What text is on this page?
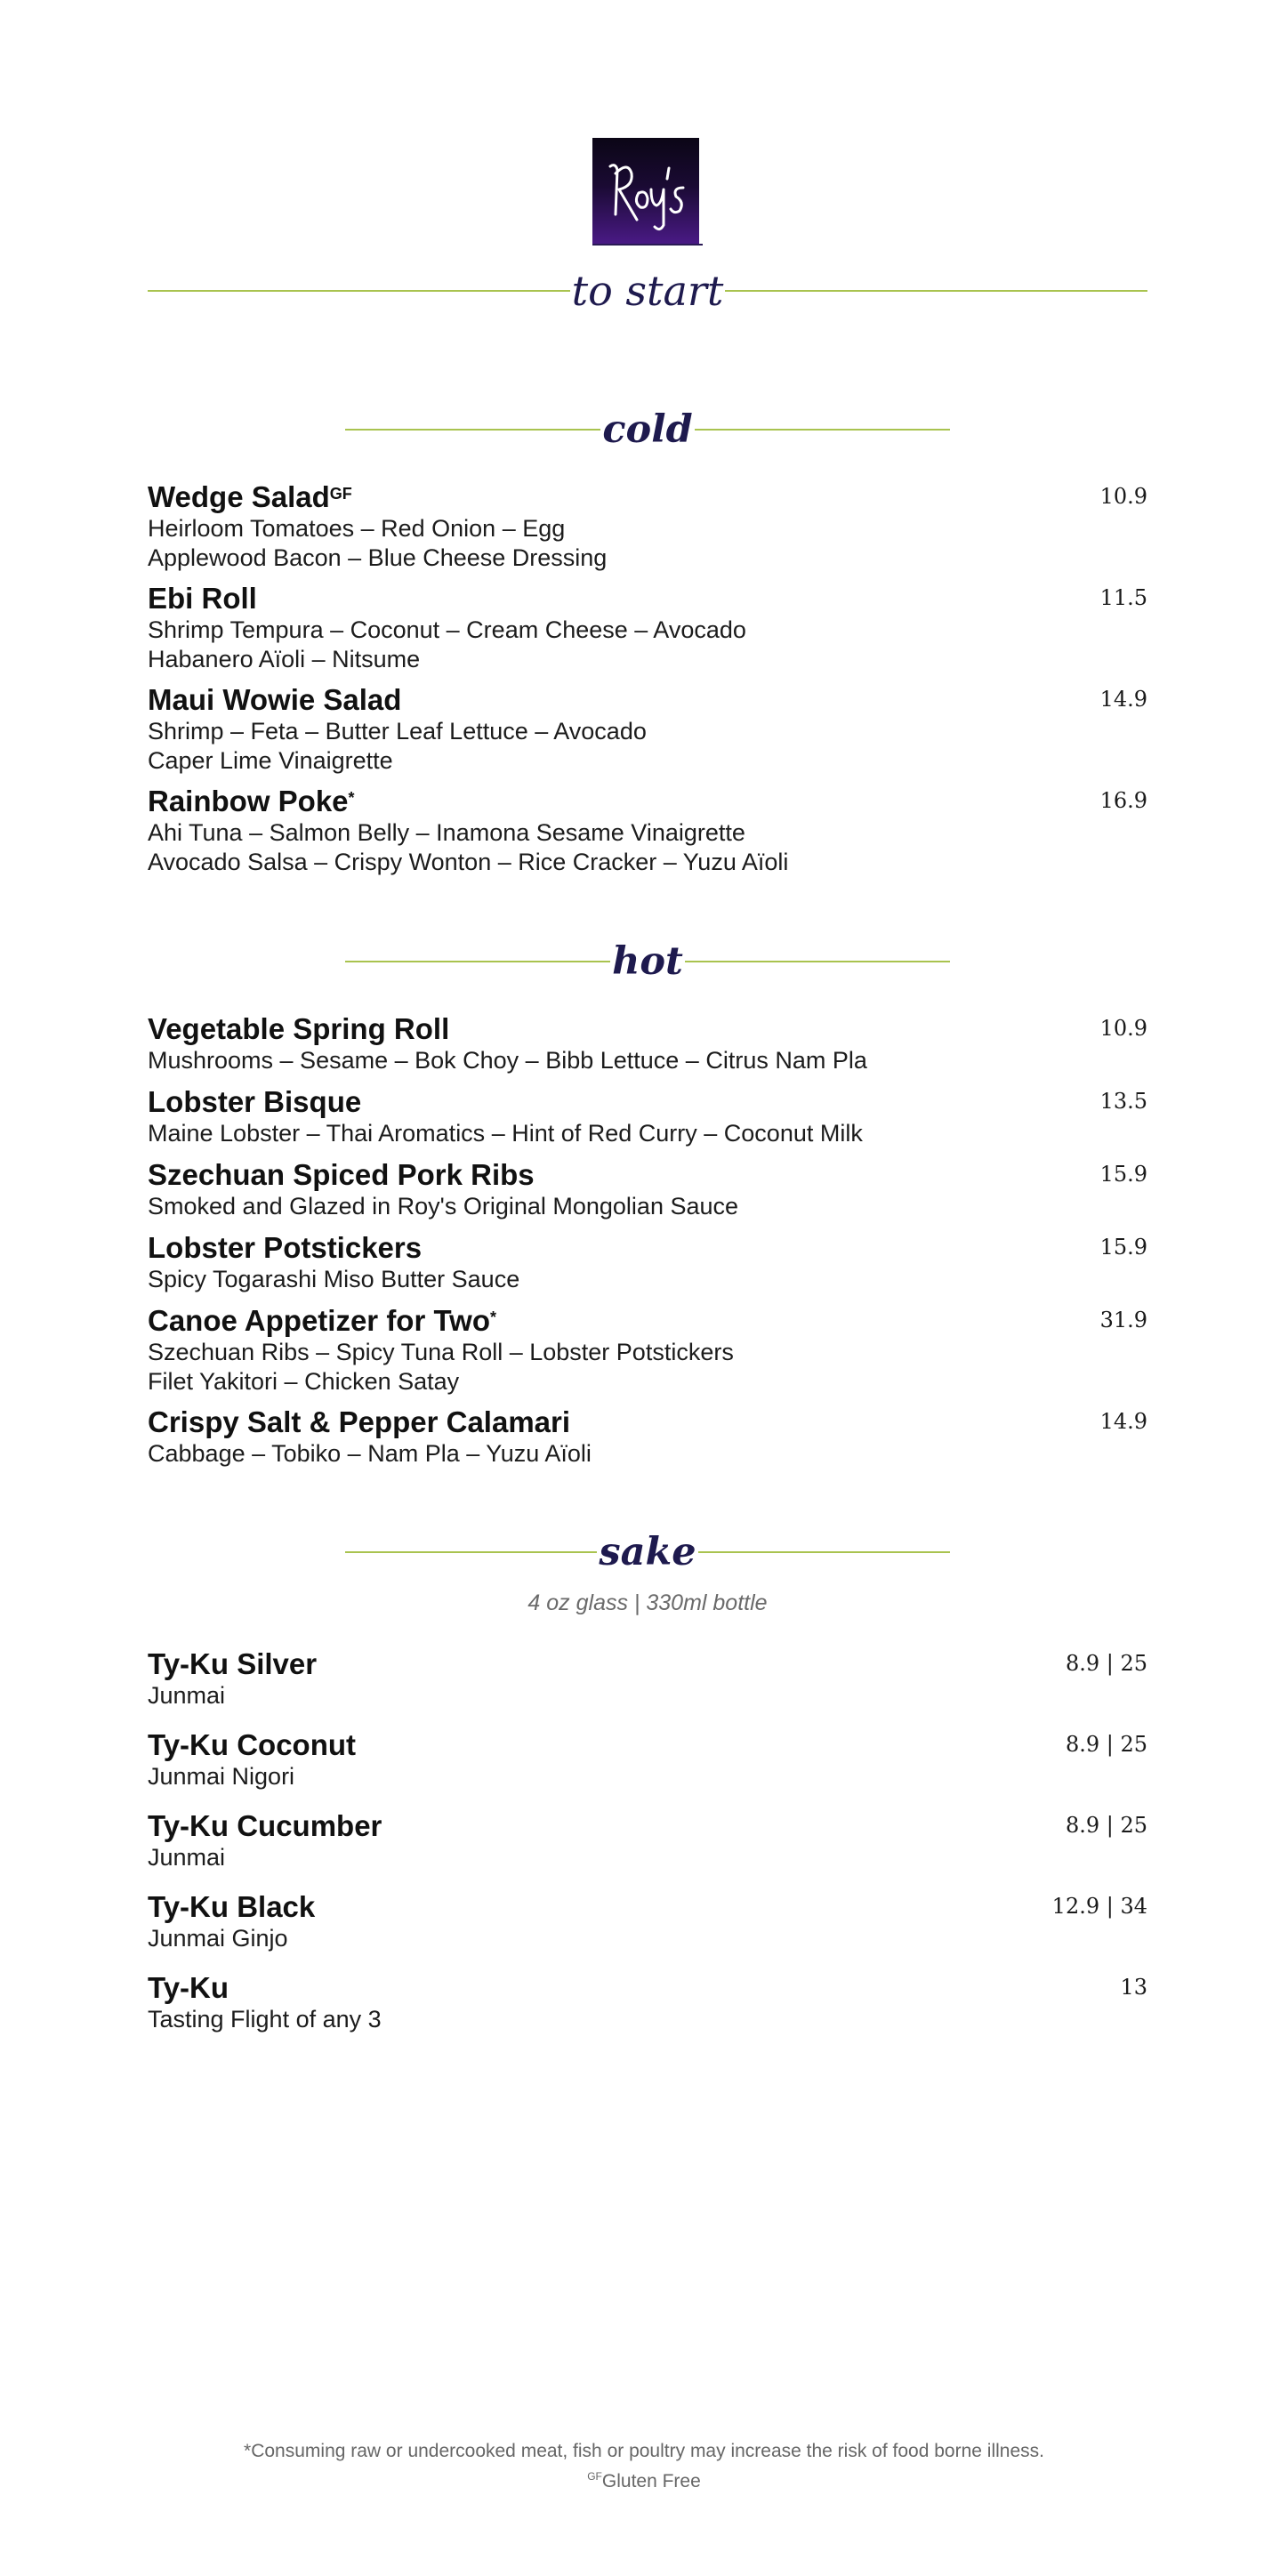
to start
cold
Wedge Salad$^{GF}$
Heirloom Tomatoes – Red Onion – Egg
Applewood Bacon – Blue Cheese Dressing
10.9
Ebi Roll
Shrimp Tempura – Coconut – Cream Cheese – Avocado
Habanero Aïoli – Nitsume
11.5
Maui Wowie Salad
Shrimp – Feta – Butter Leaf Lettuce – Avocado
Caper Lime Vinaigrette
14.9
Rainbow Poke*
Ahi Tuna – Salmon Belly – Inamona Sesame Vinaigrette
Avocado Salsa – Crispy Wonton – Rice Cracker – Yuzu Aïoli
16.9
hot
Vegetable Spring Roll
Mushrooms – Sesame – Bok Choy – Bibb Lettuce – Citrus Nam Pla
10.9
Lobster Bisque
Maine Lobster – Thai Aromatics – Hint of Red Curry – Coconut Milk
13.5
Szechuan Spiced Pork Ribs
Smoked and Glazed in Roy's Original Mongolian Sauce
15.9
Lobster Potstickers
Spicy Togarashi Miso Butter Sauce
15.9
Canoe Appetizer for Two*
Szechuan Ribs – Spicy Tuna Roll – Lobster Potstickers
Filet Yakitori – Chicken Satay
31.9
Crispy Salt & Pepper Calamari
Cabbage – Tobiko – Nam Pla – Yuzu Aïoli
14.9
sake
4 oz glass | 330ml bottle
Ty-Ku Silver
Junmai
8.9 | 25
Ty-Ku Coconut
Junmai Nigori
8.9 | 25
Ty-Ku Cucumber
Junmai
8.9 | 25
Ty-Ku Black
Junmai Ginjo
12.9 | 34
Ty-Ku
Tasting Flight of any 3
13
*Consuming raw or undercooked meat, fish or poultry may increase the risk of food borne illness.
$^{GF}$Gluten Free
